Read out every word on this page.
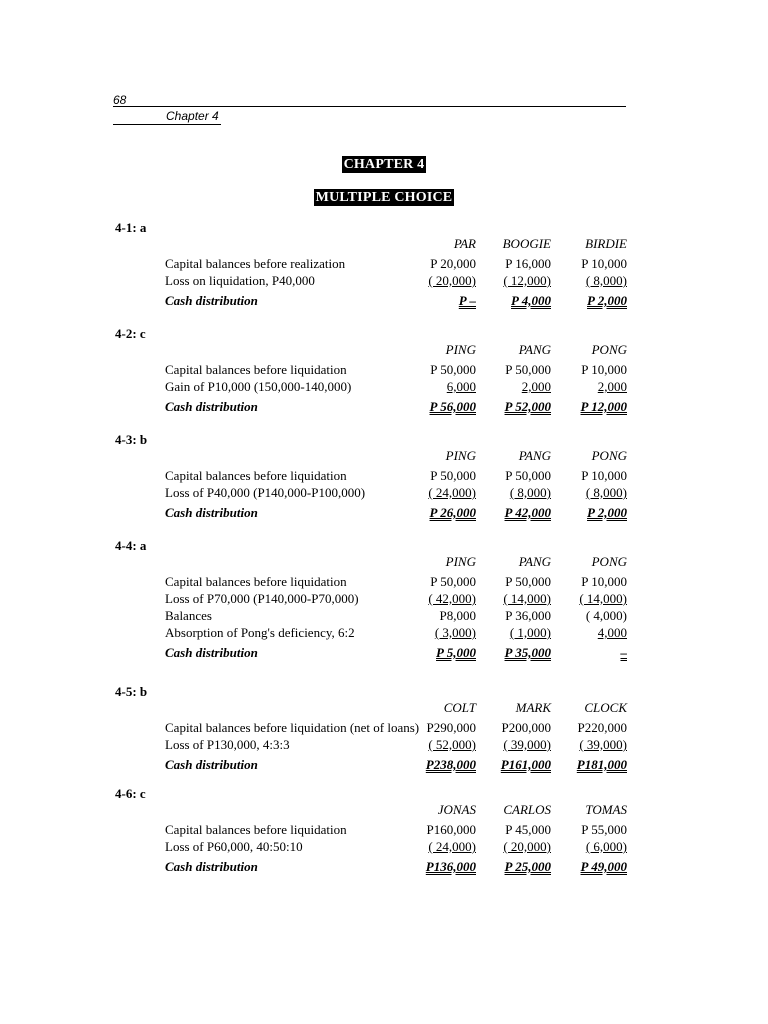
68
Chapter 4
CHAPTER 4
MULTIPLE CHOICE
4-1: a
PAR	BOOGIE	BIRDIE
Capital balances before realization	P 20,000	P 16,000	P 10,000
Loss on liquidation, P40,000	( 20,000)	( 12,000)	( 8,000)
Cash distribution	P –	P 4,000	P 2,000
4-2: c
PING	PANG	PONG
Capital balances before liquidation	P 50,000	P 50,000	P 10,000
Gain of P10,000 (150,000-140,000)	6,000	2,000	2,000
Cash distribution	P 56,000	P 52,000	P 12,000
4-3: b
PING	PANG	PONG
Capital balances before liquidation	P 50,000	P 50,000	P 10,000
Loss of P40,000 (P140,000-P100,000)	( 24,000)	( 8,000)	( 8,000)
Cash distribution	P 26,000	P 42,000	P 2,000
4-4: a
PING	PANG	PONG
Capital balances before liquidation	P 50,000	P 50,000	P 10,000
Loss of P70,000 (P140,000-P70,000)	( 42,000)	( 14,000)	( 14,000)
Balances	P8,000	P 36,000	( 4,000)
Absorption of Pong's deficiency, 6:2	( 3,000)	( 1,000)	4,000
Cash distribution	P 5,000	P 35,000	–
4-5: b
COLT	MARK	CLOCK
Capital balances before liquidation (net of loans) P290,000	P200,000	P220,000
Loss of P130,000, 4:3:3	( 52,000)	( 39,000)	( 39,000)
Cash distribution	P238,000	P161,000	P181,000
4-6: c
JONAS	CARLOS	TOMAS
Capital balances before liquidation	P160,000	P 45,000	P 55,000
Loss of P60,000, 40:50:10	( 24,000)	( 20,000)	( 6,000)
Cash distribution	P136,000	P 25,000	P 49,000
